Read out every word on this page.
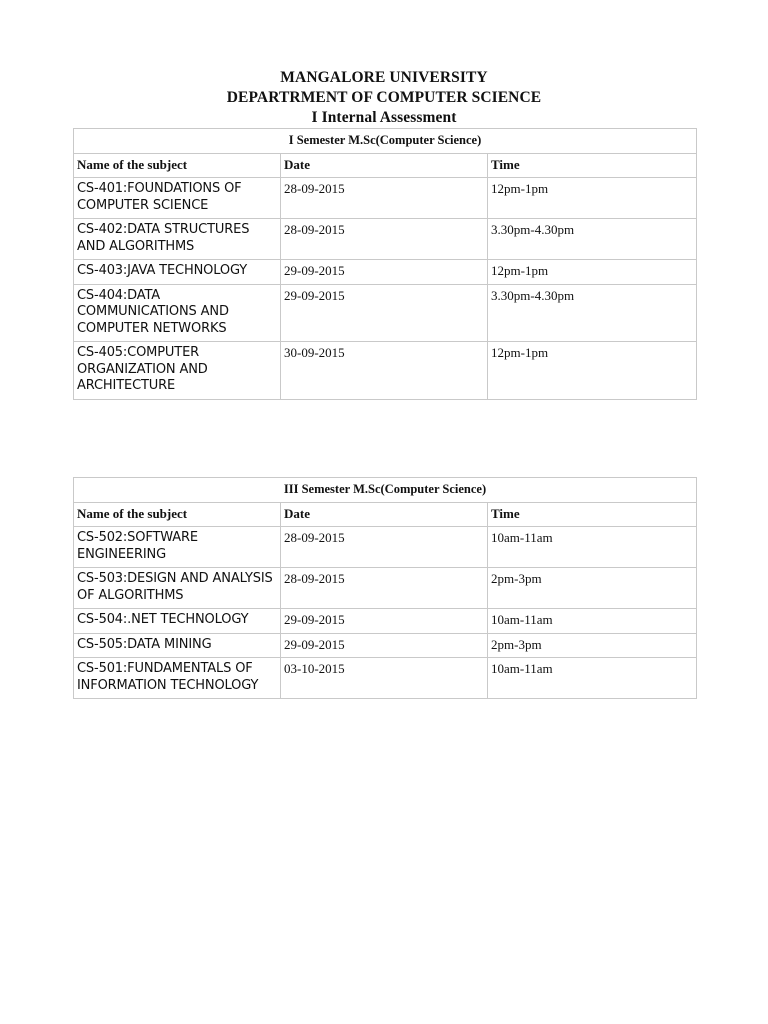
MANGALORE UNIVERSITY
DEPARTRMENT OF COMPUTER SCIENCE
I Internal Assessment
I Semester M.Sc(Computer Science)		
Name of the subject	Date	Time
CS-401:FOUNDATIONS OF COMPUTER SCIENCE	28-09-2015	12pm-1pm
CS-402:DATA STRUCTURES AND ALGORITHMS	28-09-2015	3.30pm-4.30pm
CS-403:JAVA TECHNOLOGY	29-09-2015	12pm-1pm
CS-404:DATA COMMUNICATIONS AND COMPUTER NETWORKS	29-09-2015	3.30pm-4.30pm
CS-405:COMPUTER ORGANIZATION AND ARCHITECTURE	30-09-2015	12pm-1pm
III Semester M.Sc(Computer Science)		
Name of the subject	Date	Time
CS-502:SOFTWARE ENGINEERING	28-09-2015	10am-11am
CS-503:DESIGN AND ANALYSIS OF ALGORITHMS	28-09-2015	2pm-3pm
CS-504:.NET TECHNOLOGY	29-09-2015	10am-11am
CS-505:DATA MINING	29-09-2015	2pm-3pm
CS-501:FUNDAMENTALS OF INFORMATION TECHNOLOGY	03-10-2015	10am-11am
